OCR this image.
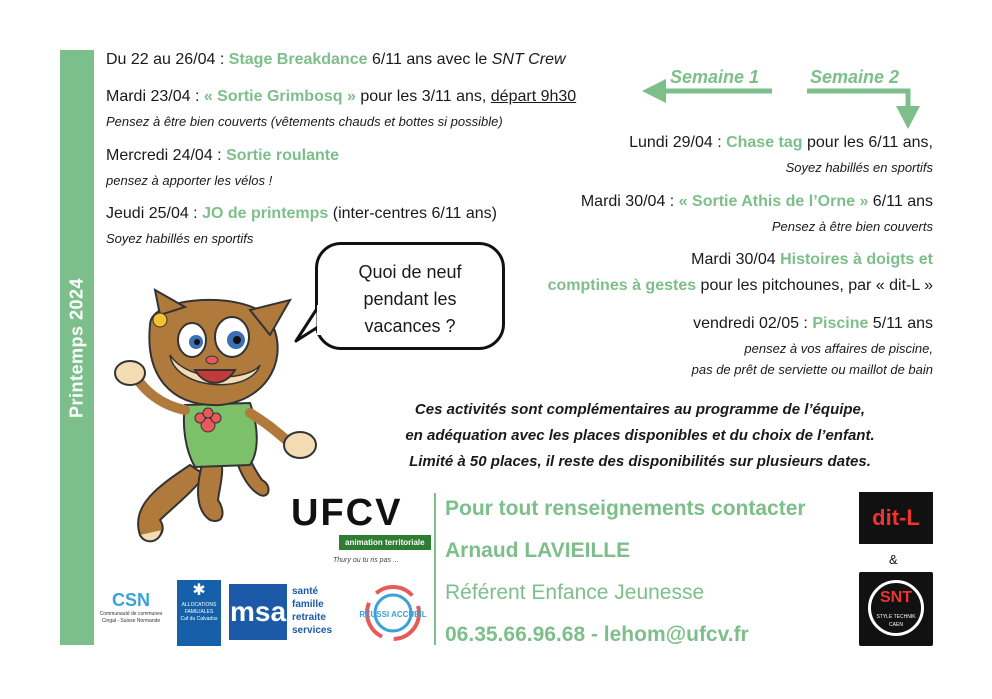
Printemps 2024
Du 22 au 26/04 : Stage Breakdance 6/11 ans avec le SNT Crew
Mardi 23/04 : « Sortie Grimbosq » pour les 3/11 ans, départ 9h30
Pensez à être bien couverts (vêtements chauds et bottes si possible)
Mercredi 24/04 : Sortie roulante
pensez à apporter les vélos !
Jeudi 25/04 : JO de printemps (inter-centres 6/11 ans)
Soyez habillés en sportifs
Semaine 1	Semaine 2
Lundi 29/04 : Chase tag pour les 6/11 ans,
Soyez habillés en sportifs
Mardi 30/04 : « Sortie Athis de l’Orne » 6/11 ans
Pensez à être bien couverts
Mardi 30/04 Histoires à doigts et
comptines à gestes pour les pitchounes, par « dit-L »
vendredi 02/05 : Piscine 5/11 ans
pensez à vos affaires de piscine,
pas de prêt de serviette ou maillot de bain
Quoi de neuf
pendant les
vacances ?
Ces activités sont complémentaires au programme de l’équipe,
en adéquation avec les places disponibles et du choix de l’enfant.
Limité à 50 places, il reste des disponibilités sur plusieurs dates.
UFCV
animation territoriale
Thury ou tu ris pas ...
Pour tout renseignements contacter
Arnaud LAVIEILLE
Référent Enfance Jeunesse
06.35.66.96.68 - lehom@ufcv.fr
CSN
Communauté de communes
Cingal - Suisse Normande
✱
ALLOCATIONS FAMILIALES
Caf du Calvados msa
santé
famille
retraite
services
RÉUSSI ACCUEIL
dit-L
&
SNT
STYLE TECHNIK CAEN
